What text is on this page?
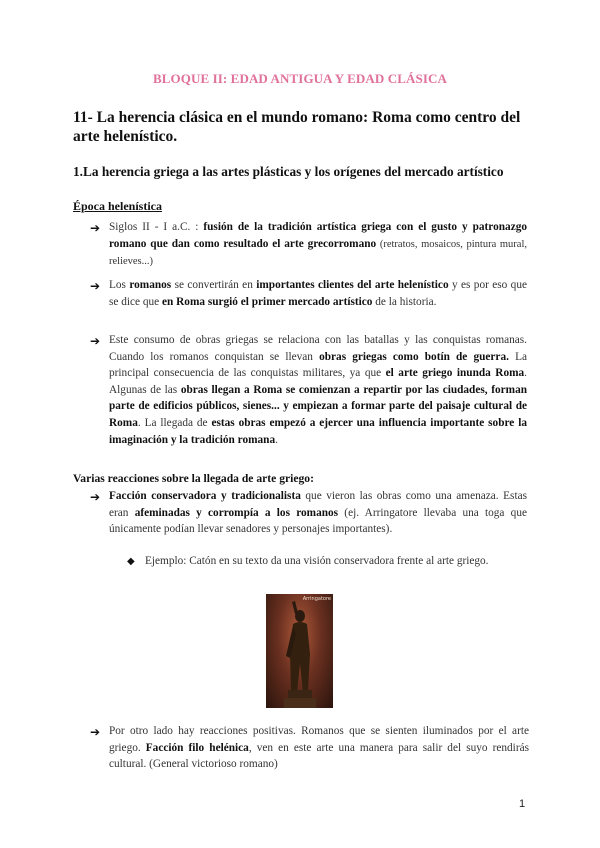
BLOQUE II: EDAD ANTIGUA Y EDAD CLÁSICA
11- La herencia clásica en el mundo romano: Roma como centro del arte helenístico.
1.La herencia griega a las artes plásticas y los orígenes del mercado artístico
Época helenística
➔ Siglos II - I a.C. : fusión de la tradición artística griega con el gusto y patronazgo romano que dan como resultado el arte grecorromano (retratos, mosaicos, pintura mural, relieves...)
➔ Los romanos se convertirán en importantes clientes del arte helenístico y es por eso que se dice que en Roma surgió el primer mercado artístico de la historia.
➔ Este consumo de obras griegas se relaciona con las batallas y las conquistas romanas. Cuando los romanos conquistan se llevan obras griegas como botín de guerra. La principal consecuencia de las conquistas militares, ya que el arte griego inunda Roma. Algunas de las obras llegan a Roma se comienzan a repartir por las ciudades, forman parte de edificios públicos, sienes... y empiezan a formar parte del paisaje cultural de Roma. La llegada de estas obras empezó a ejercer una influencia importante sobre la imaginación y la tradición romana.
Varias reacciones sobre la llegada de arte griego:
➔ Facción conservadora y tradicionalista que vieron las obras como una amenaza. Estas eran afeminadas y corrompía a los romanos (ej. Arringatore llevaba una toga que únicamente podían llevar senadores y personajes importantes).
◆ Ejemplo: Catón en su texto da una visión conservadora frente al arte griego.
Arringatore
➔ Por otro lado hay reacciones positivas. Romanos que se sienten iluminados por el arte griego. Facción filo helénica, ven en este arte una manera para salir del suyo rendirás cultural. (General victorioso romano)
1
